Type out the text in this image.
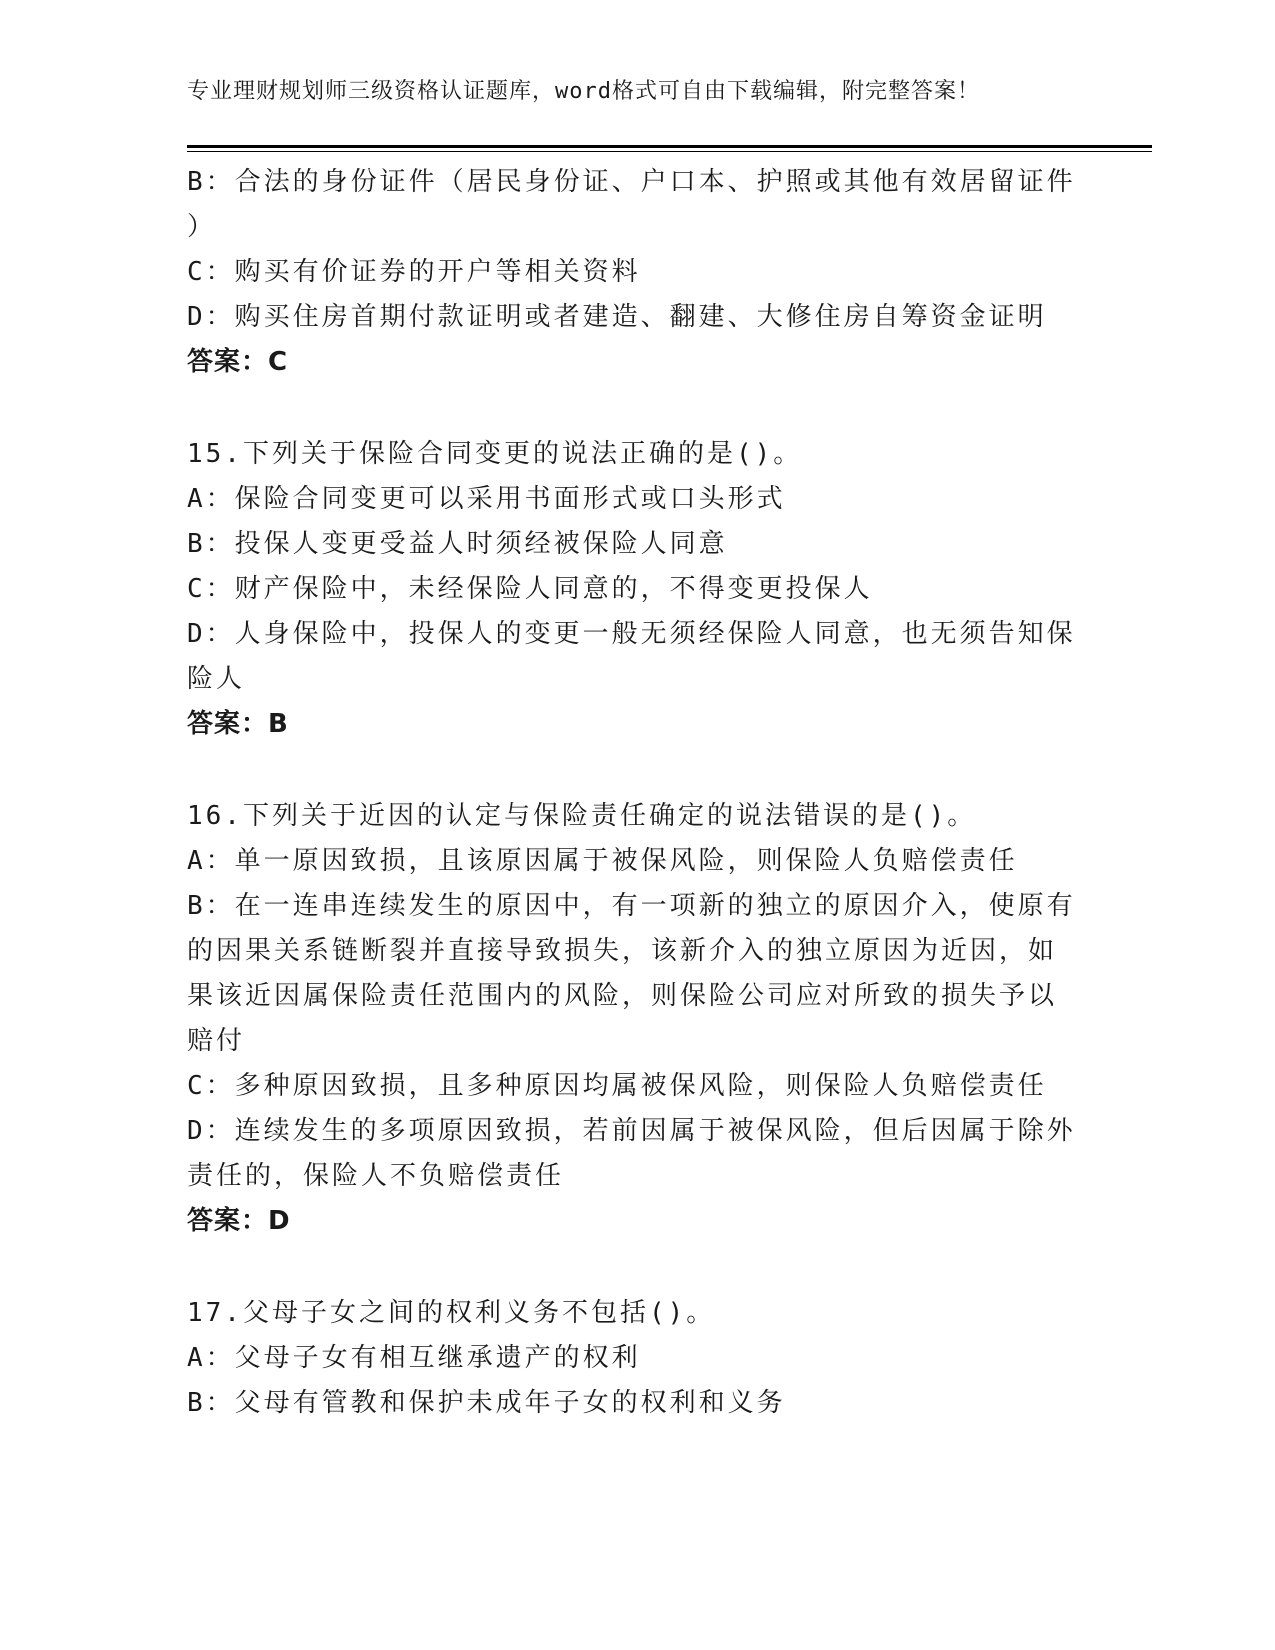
专业理财规划师三级资格认证题库，word格式可自由下载编辑，附完整答案！
B：合法的身份证件（居民身份证、户口本、护照或其他有效居留证件
）
C：购买有价证券的开户等相关资料
D：购买住房首期付款证明或者建造、翻建、大修住房自筹资金证明
答案：C
15.下列关于保险合同变更的说法正确的是()。
A：保险合同变更可以采用书面形式或口头形式
B：投保人变更受益人时须经被保险人同意
C：财产保险中，未经保险人同意的，不得变更投保人
D：人身保险中，投保人的变更一般无须经保险人同意，也无须告知保
险人
答案：B
16.下列关于近因的认定与保险责任确定的说法错误的是()。
A：单一原因致损，且该原因属于被保风险，则保险人负赔偿责任
B：在一连串连续发生的原因中，有一项新的独立的原因介入，使原有
的因果关系链断裂并直接导致损失，该新介入的独立原因为近因，如
果该近因属保险责任范围内的风险，则保险公司应对所致的损失予以
赔付
C：多种原因致损，且多种原因均属被保风险，则保险人负赔偿责任
D：连续发生的多项原因致损，若前因属于被保风险，但后因属于除外
责任的，保险人不负赔偿责任
答案：D
17.父母子女之间的权利义务不包括()。
A：父母子女有相互继承遗产的权利
B：父母有管教和保护未成年子女的权利和义务
